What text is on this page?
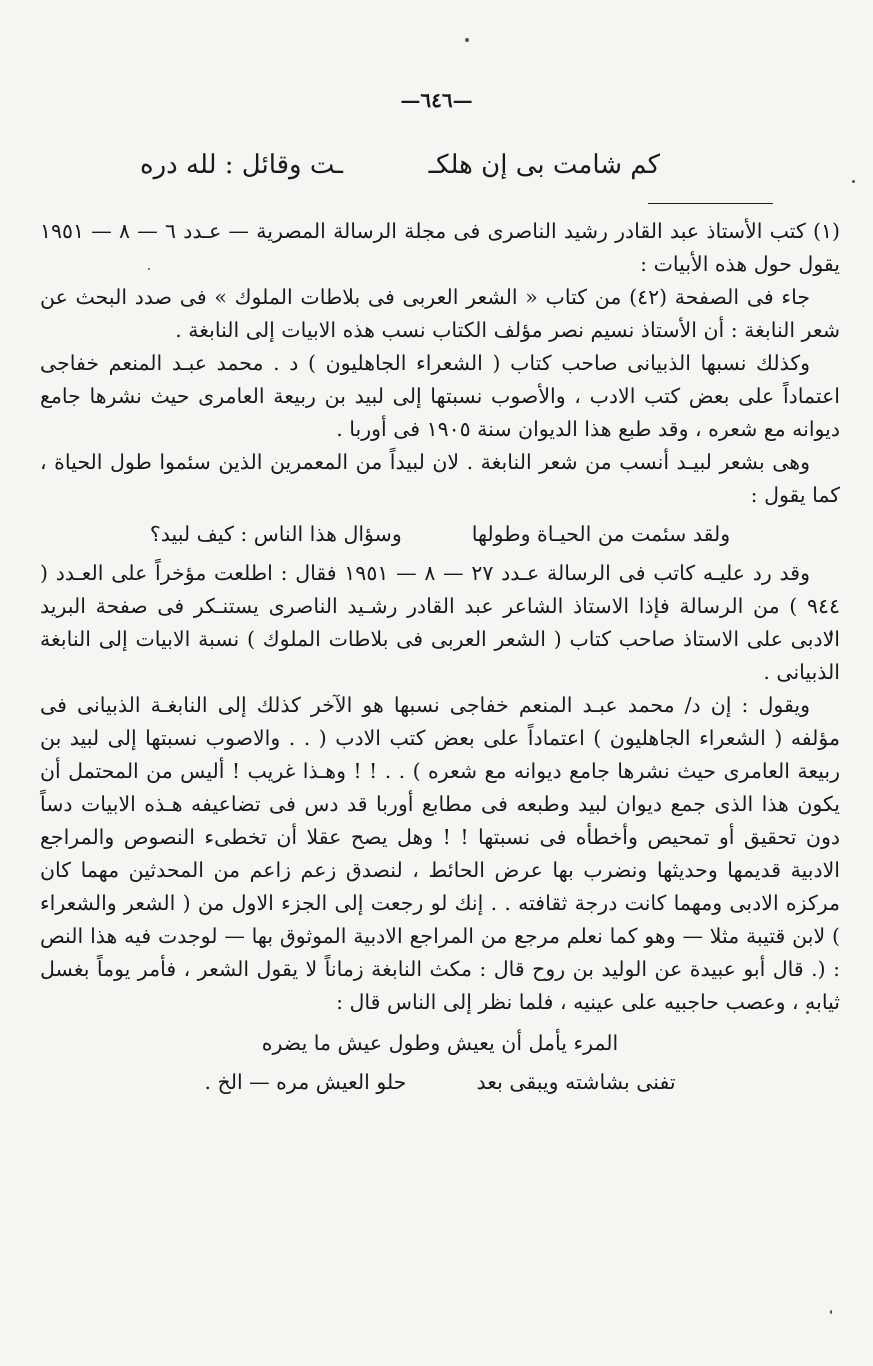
—٦٤٦—
كم شامت بى إن هلكـ
ـت وقائل : لله دره

(١) كتب الأستاذ عبد القادر رشيد الناصرى فى مجلة الرسالة المصرية — عـدد ٦ — ٨ — ١٩٥١ يقول حول هذه الأبيات :

جاء فى الصفحة (٤٢) من كتاب « الشعر العربى فى بلاطات الملوك » فى صدد البحث عن شعر النابغة : أن الأستاذ نسيم نصر مؤلف الكتاب نسب هذه الابيات إلى النابغة .

وكذلك نسبها الذبيانى صاحب كتاب ( الشعراء الجاهليون ) د . محمد عبـد المنعم خفاجى اعتماداً على بعض كتب الادب ، والأصوب نسبتها إلى لبيد بن ربيعة العامرى حيث نشرها جامع ديوانه مع شعره ، وقد طبع هذا الديوان سنة ١٩٠٥ فى أوربا .

وهى بشعر لبيـد أنسب من شعر النابغة . لان لبيداً من المعمرين الذين سئموا طول الحياة ، كما يقول :

ولقد سئمت من الحيـاة وطولها
وسؤال هذا الناس : كيف لبيد؟

وقد رد عليـه كاتب فى الرسالة عـدد ٢٧ — ٨ — ١٩٥١ فقال : اطلعت مؤخراً على العـدد ( ٩٤٤ ) من الرسالة فإذا الاستاذ الشاعر عبد القادر رشـيد الناصرى يستنـكر فى صفحة البريد الادبى على الاستاذ صاحب كتاب ( الشعر العربى فى بلاطات الملوك ) نسبة الابيات إلى النابغة الذبيانى .

ويقول : إن د/ محمد عبـد المنعم خفاجى نسبها هو الآخر كذلك إلى النابغـة الذبيانى فى مؤلفه ( الشعراء الجاهليون ) اعتماداً على بعض كتب الادب ( . . والاصوب نسبتها إلى لبيد بن ربيعة العامرى حيث نشرها جامع ديوانه مع شعره ) . . ! ! وهـذا غريب ! أليس من المحتمل أن يكون هذا الذى جمع ديوان لبيد وطبعه فى مطابع أوربا قد دس فى تضاعيفه هـذه الابيات دساً دون تحقيق أو تمحيص وأخطأه فى نسبتها ! ! وهل يصح عقلا أن تخطىء النصوص والمراجع الادبية قديمها وحديثها ونضرب بها عرض الحائط ، لنصدق زعم زاعم من المحدثين مهما كان مركزه الادبى ومهما كانت درجة ثقافته . . إنك لو رجعت إلى الجزء الاول من ( الشعر والشعراء ) لابن قتيبة مثلا — وهو كما نعلم مرجع من المراجع الادبية الموثوق بها — لوجدت فيه هذا النص : (. قال أبو عبيدة عن الوليد بن روح قال : مكث النابغة زماناً لا يقول الشعر ، فأمر يوماً بغسل ثيابه ، وعصب حاجبيه على عينيه ، فلما نظر إلى الناس قال :

المرء يأمل أن يعيش وطول عيش ما يضره
تفنى بشاشته ويبقى بعد
حلو العيش مره — الخ .
